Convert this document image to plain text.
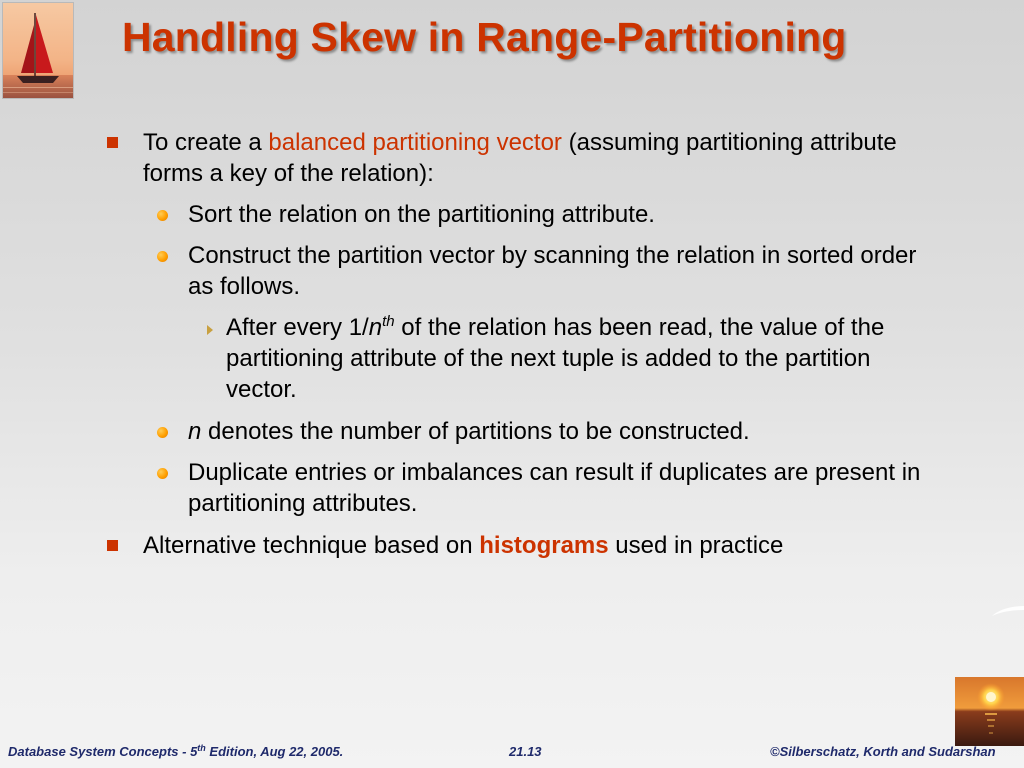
Handling Skew in Range-Partitioning
To create a balanced partitioning vector (assuming partitioning attribute
forms a key of the relation):
Sort the relation on the partitioning attribute.
Construct the partition vector by scanning the relation in sorted order
as follows.
After every $1/n^{th}$ of the relation has been read, the value of the
partitioning attribute of the next tuple is added to the partition
vector.
n denotes the number of partitions to be constructed.
Duplicate entries or imbalances can result if duplicates are present in
partitioning attributes.
Alternative technique based on histograms used in practice
Database System Concepts - 5th Edition, Aug 22, 2005.	21.13	©Silberschatz, Korth and Sudarshan
